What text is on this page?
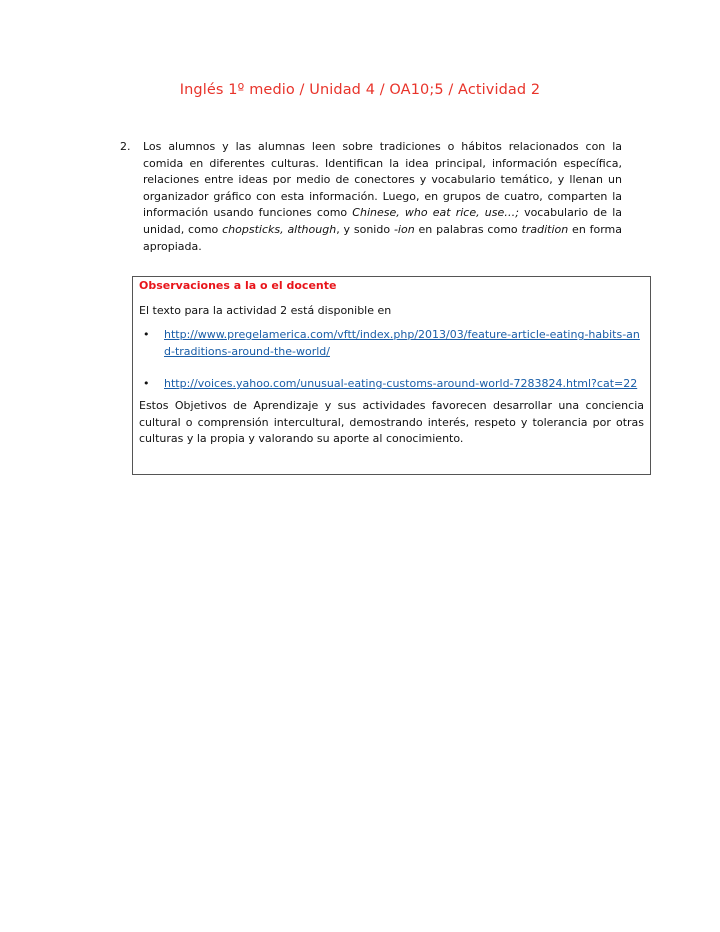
Inglés 1º medio / Unidad 4 / OA10;5 / Actividad 2
2. Los alumnos y las alumnas leen sobre tradiciones o hábitos relacionados con la comida en diferentes culturas. Identifican la idea principal, información específica, relaciones entre ideas por medio de conectores y vocabulario temático, y llenan un organizador gráfico con esta información. Luego, en grupos de cuatro, comparten la información usando funciones como Chinese, who eat rice, use…; vocabulario de la unidad, como chopsticks, although, y sonido -ion en palabras como tradition en forma apropiada.
Observaciones a la o el docente

El texto para la actividad 2 está disponible en

• http://www.pregelamerica.com/vftt/index.php/2013/03/feature-article-eating-habits-and-traditions-around-the-world/
• http://voices.yahoo.com/unusual-eating-customs-around-world-7283824.html?cat=22

Estos Objetivos de Aprendizaje y sus actividades favorecen desarrollar una conciencia cultural o comprensión intercultural, demostrando interés, respeto y tolerancia por otras culturas y la propia y valorando su aporte al conocimiento.
